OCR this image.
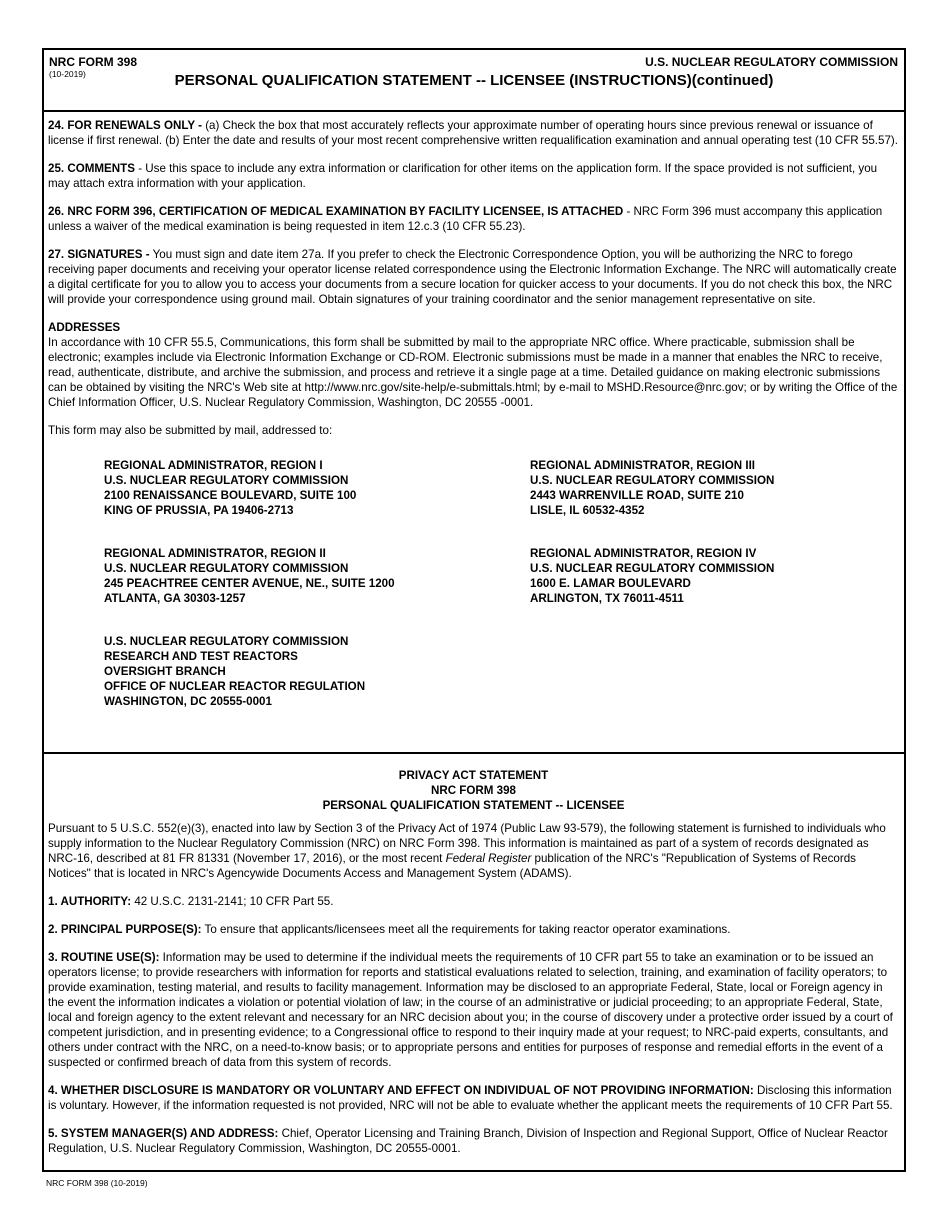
NRC FORM 398
(10-2019)
U.S. NUCLEAR REGULATORY COMMISSION
PERSONAL QUALIFICATION STATEMENT -- LICENSEE (INSTRUCTIONS)(continued)

24. FOR RENEWALS ONLY - (a) Check the box that most accurately reflects your approximate number of operating hours since previous renewal or issuance of license if first renewal. (b) Enter the date and results of your most recent comprehensive written requalification examination and annual operating test (10 CFR 55.57).

25. COMMENTS - Use this space to include any extra information or clarification for other items on the application form. If the space provided is not sufficient, you may attach extra information with your application.

26. NRC FORM 396, CERTIFICATION OF MEDICAL EXAMINATION BY FACILITY LICENSEE, IS ATTACHED - NRC Form 396 must accompany this application unless a waiver of the medical examination is being requested in item 12.c.3 (10 CFR 55.23).

27. SIGNATURES - You must sign and date item 27a. If you prefer to check the Electronic Correspondence Option, you will be authorizing the NRC to forego receiving paper documents and receiving your operator license related correspondence using the Electronic Information Exchange. The NRC will automatically create a digital certificate for you to allow you to access your documents from a secure location for quicker access to your documents. If you do not check this box, the NRC will provide your correspondence using ground mail. Obtain signatures of your training coordinator and the senior management representative on site.

ADDRESSES

In accordance with 10 CFR 55.5, Communications, this form shall be submitted by mail to the appropriate NRC office. Where practicable, submission shall be electronic; examples include via Electronic Information Exchange or CD-ROM. Electronic submissions must be made in a manner that enables the NRC to receive, read, authenticate, distribute, and archive the submission, and process and retrieve it a single page at a time. Detailed guidance on making electronic submissions can be obtained by visiting the NRC's Web site at http://www.nrc.gov/site-help/e-submittals.html; by e-mail to MSHD.Resource@nrc.gov; or by writing the Office of the Chief Information Officer, U.S. Nuclear Regulatory Commission, Washington, DC 20555 -0001.

This form may also be submitted by mail, addressed to:

REGIONAL ADMINISTRATOR, REGION I
U.S. NUCLEAR REGULATORY COMMISSION
2100 RENAISSANCE BOULEVARD, SUITE 100
KING OF PRUSSIA, PA 19406-2713
REGIONAL ADMINISTRATOR, REGION III
U.S. NUCLEAR REGULATORY COMMISSION
2443 WARRENVILLE ROAD, SUITE 210
LISLE, IL 60532-4352
REGIONAL ADMINISTRATOR, REGION II
U.S. NUCLEAR REGULATORY COMMISSION
245 PEACHTREE CENTER AVENUE, NE., SUITE 1200
ATLANTA, GA 30303-1257
REGIONAL ADMINISTRATOR, REGION IV
U.S. NUCLEAR REGULATORY COMMISSION
1600 E. LAMAR BOULEVARD
ARLINGTON, TX 76011-4511
U.S. NUCLEAR REGULATORY COMMISSION
RESEARCH AND TEST REACTORS
OVERSIGHT BRANCH
OFFICE OF NUCLEAR REACTOR REGULATION
WASHINGTON, DC 20555-0001
PRIVACY ACT STATEMENT
NRC FORM 398
PERSONAL QUALIFICATION STATEMENT -- LICENSEE

Pursuant to 5 U.S.C. 552(e)(3), enacted into law by Section 3 of the Privacy Act of 1974 (Public Law 93-579), the following statement is furnished to individuals who supply information to the Nuclear Regulatory Commission (NRC) on NRC Form 398. This information is maintained as part of a system of records designated as NRC-16, described at 81 FR 81331 (November 17, 2016), or the most recent Federal Register publication of the NRC's "Republication of Systems of Records Notices" that is located in NRC's Agencywide Documents Access and Management System (ADAMS).

1. AUTHORITY: 42 U.S.C. 2131-2141; 10 CFR Part 55.

2. PRINCIPAL PURPOSE(S): To ensure that applicants/licensees meet all the requirements for taking reactor operator examinations.

3. ROUTINE USE(S): Information may be used to determine if the individual meets the requirements of 10 CFR part 55 to take an examination or to be issued an operators license; to provide researchers with information for reports and statistical evaluations related to selection, training, and examination of facility operators; to provide examination, testing material, and results to facility management. Information may be disclosed to an appropriate Federal, State, local or Foreign agency in the event the information indicates a violation or potential violation of law; in the course of an administrative or judicial proceeding; to an appropriate Federal, State, local and foreign agency to the extent relevant and necessary for an NRC decision about you; in the course of discovery under a protective order issued by a court of competent jurisdiction, and in presenting evidence; to a Congressional office to respond to their inquiry made at your request; to NRC-paid experts, consultants, and others under contract with the NRC, on a need-to-know basis; or to appropriate persons and entities for purposes of response and remedial efforts in the event of a suspected or confirmed breach of data from this system of records.

4. WHETHER DISCLOSURE IS MANDATORY OR VOLUNTARY AND EFFECT ON INDIVIDUAL OF NOT PROVIDING INFORMATION: Disclosing this information is voluntary. However, if the information requested is not provided, NRC will not be able to evaluate whether the applicant meets the requirements of 10 CFR Part 55.

5. SYSTEM MANAGER(S) AND ADDRESS: Chief, Operator Licensing and Training Branch, Division of Inspection and Regional Support, Office of Nuclear Reactor Regulation, U.S. Nuclear Regulatory Commission, Washington, DC 20555-0001.

NRC FORM 398 (10-2019)
